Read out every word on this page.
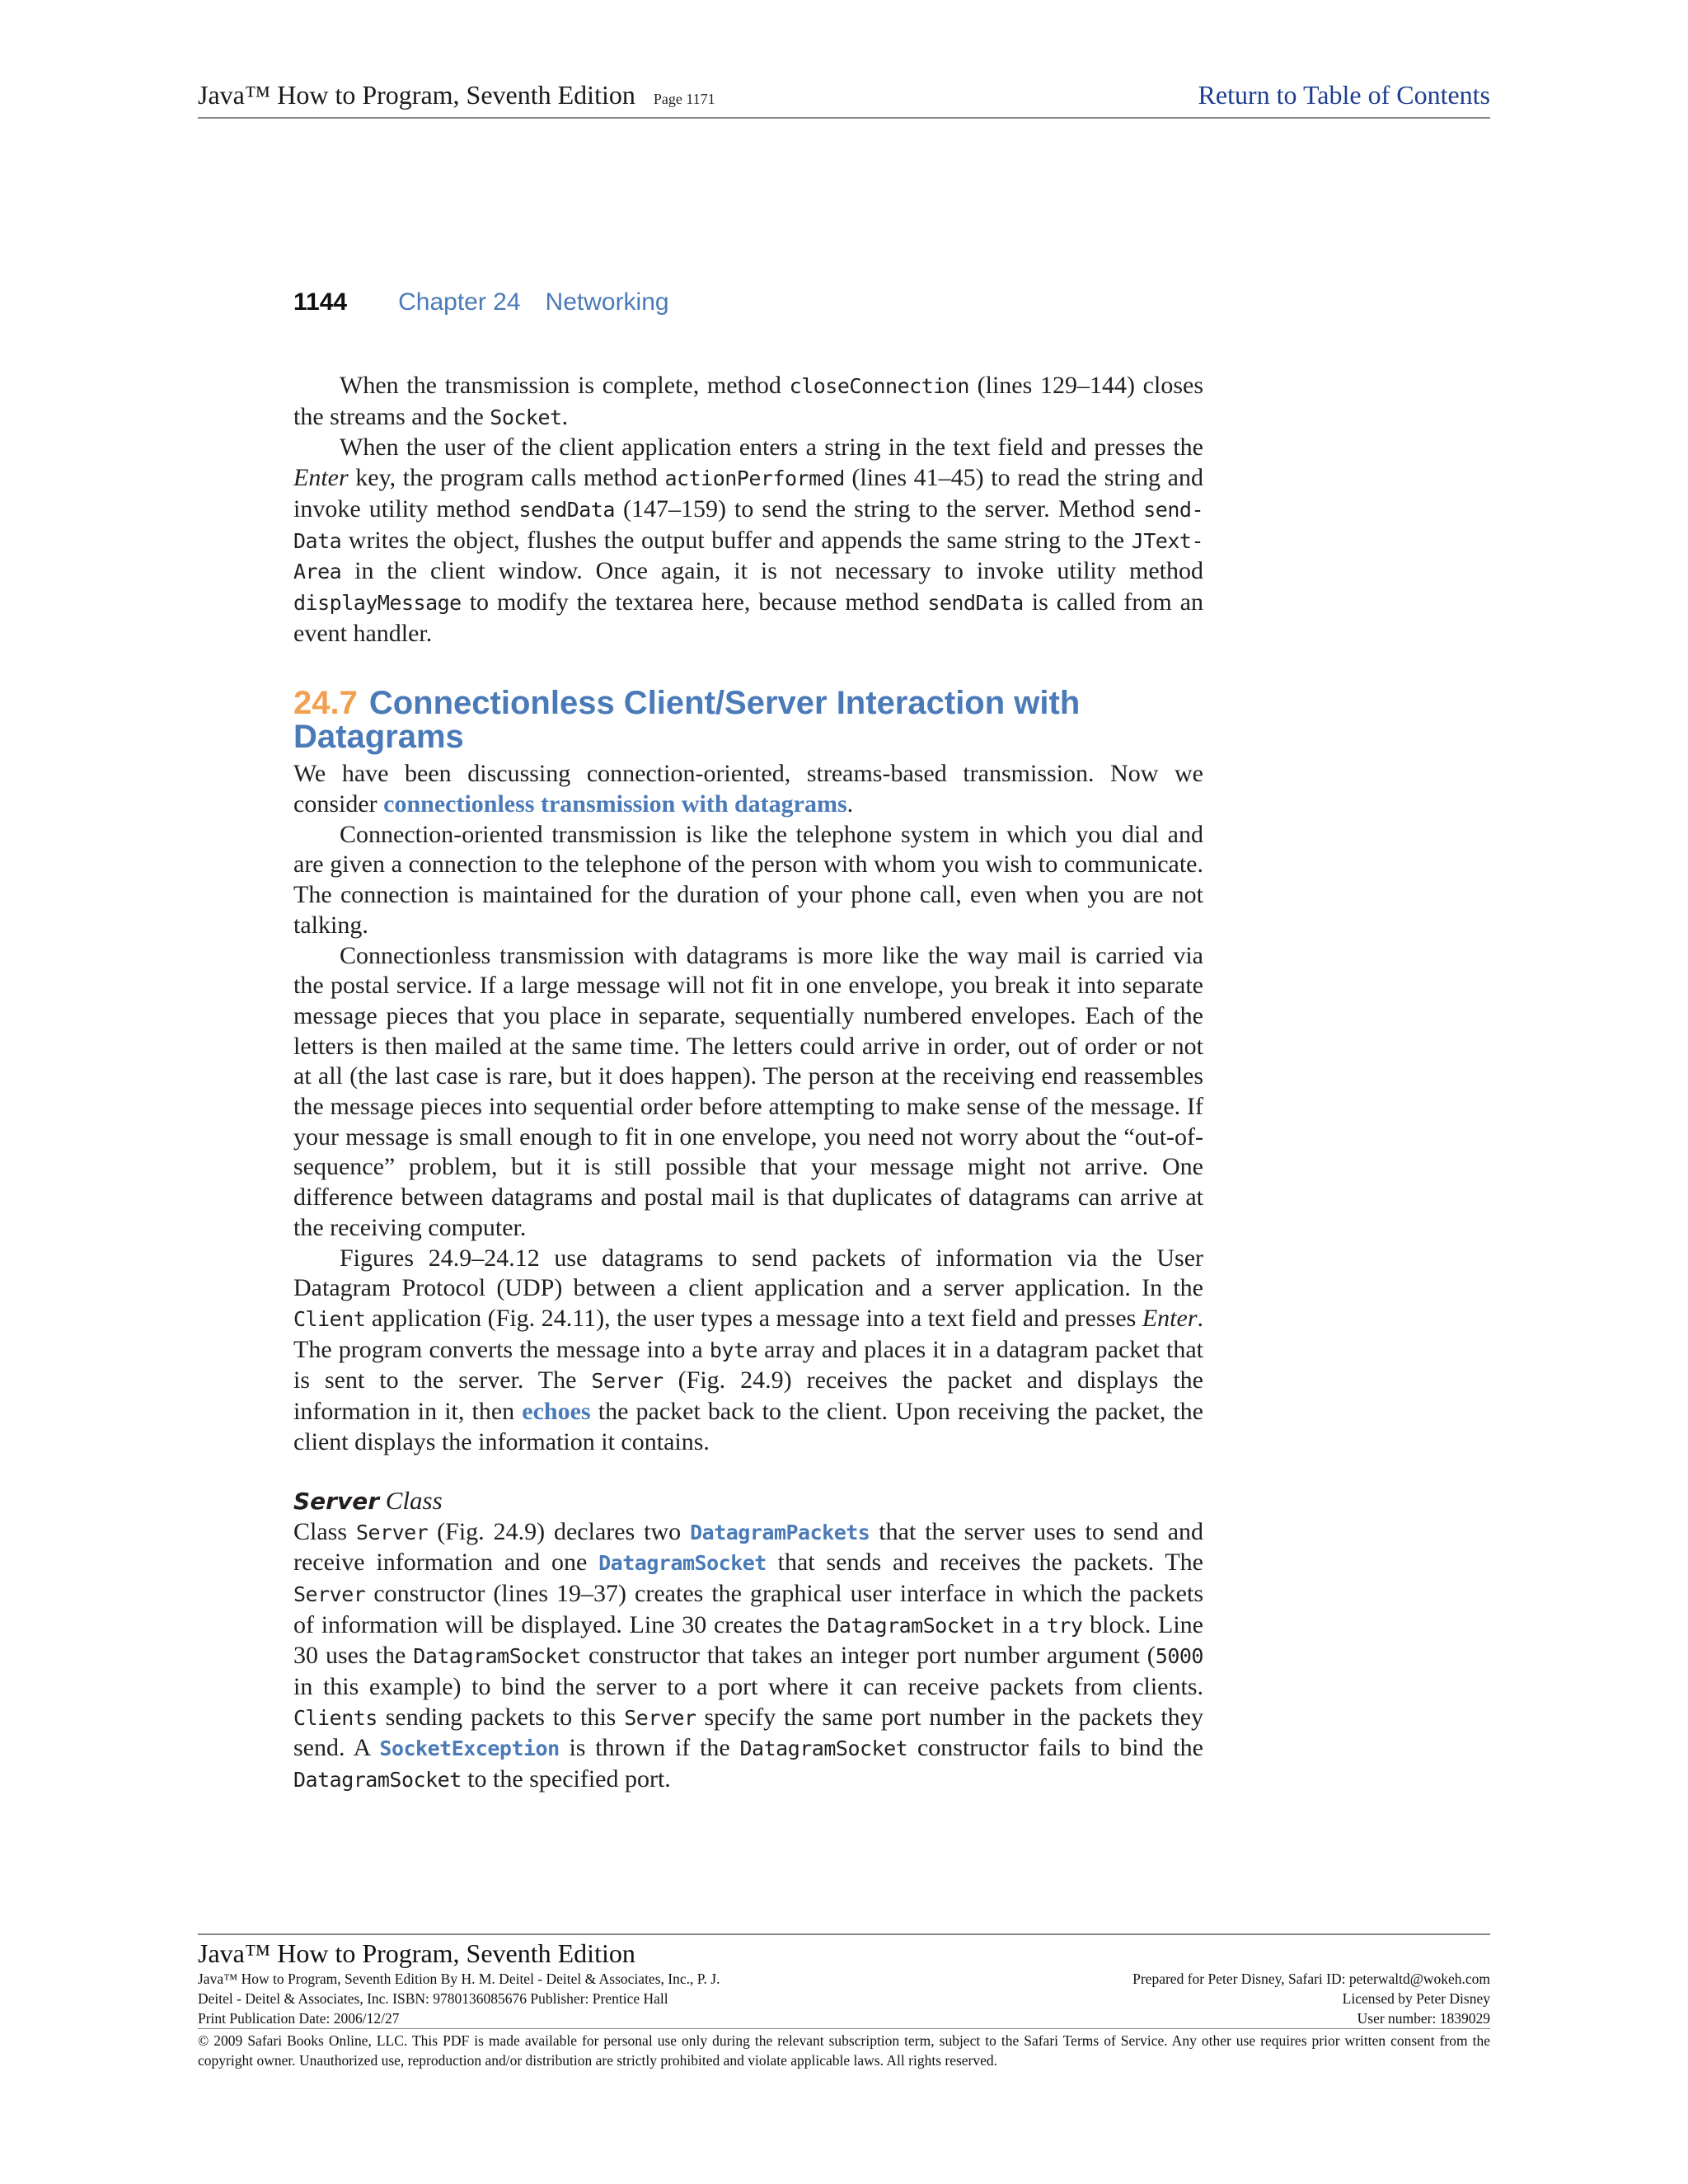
Java™ How to Program, Seventh Edition Page 1171	Return to Table of Contents
1144 Chapter 24 Networking

When the transmission is complete, method closeConnection (lines 129–144) closes the streams and the Socket.

When the user of the client application enters a string in the text field and presses the Enter key, the program calls method actionPerformed (lines 41–45) to read the string and invoke utility method sendData (147–159) to send the string to the server. Method send-Data writes the object, flushes the output buffer and appends the same string to the JText-Area in the client window. Once again, it is not necessary to invoke utility method displayMessage to modify the textarea here, because method sendData is called from an event handler.

24.7 Connectionless Client/Server Interaction with Datagrams

We have been discussing connection-oriented, streams-based transmission. Now we consider connectionless transmission with datagrams.

Connection-oriented transmission is like the telephone system in which you dial and are given a connection to the telephone of the person with whom you wish to communicate. The connection is maintained for the duration of your phone call, even when you are not talking.

Connectionless transmission with datagrams is more like the way mail is carried via the postal service. If a large message will not fit in one envelope, you break it into separate message pieces that you place in separate, sequentially numbered envelopes. Each of the letters is then mailed at the same time. The letters could arrive in order, out of order or not at all (the last case is rare, but it does happen). The person at the receiving end reassembles the message pieces into sequential order before attempting to make sense of the message. If your message is small enough to fit in one envelope, you need not worry about the “out-of-sequence” problem, but it is still possible that your message might not arrive. One difference between datagrams and postal mail is that duplicates of datagrams can arrive at the receiving computer.

Figures 24.9–24.12 use datagrams to send packets of information via the User Datagram Protocol (UDP) between a client application and a server application. In the Client application (Fig. 24.11), the user types a message into a text field and presses Enter. The program converts the message into a byte array and places it in a datagram packet that is sent to the server. The Server (Fig. 24.9) receives the packet and displays the information in it, then echoes the packet back to the client. Upon receiving the packet, the client displays the information it contains.

Server Class

Class Server (Fig. 24.9) declares two DatagramPackets that the server uses to send and receive information and one DatagramSocket that sends and receives the packets. The Server constructor (lines 19–37) creates the graphical user interface in which the packets of information will be displayed. Line 30 creates the DatagramSocket in a try block. Line 30 uses the DatagramSocket constructor that takes an integer port number argument (5000 in this example) to bind the server to a port where it can receive packets from clients. Clients sending packets to this Server specify the same port number in the packets they send. A SocketException is thrown if the DatagramSocket constructor fails to bind the DatagramSocket to the specified port.

Java™ How to Program, Seventh Edition
Java™ How to Program, Seventh Edition By H. M. Deitel - Deitel & Associates, Inc., P. J.	Prepared for Peter Disney, Safari ID: peterwaltd@wokeh.com
Deitel - Deitel & Associates, Inc. ISBN: 9780136085676 Publisher: Prentice Hall	Licensed by Peter Disney
Print Publication Date: 2006/12/27	User number: 1839029
© 2009 Safari Books Online, LLC. This PDF is made available for personal use only during the relevant subscription term, subject to the Safari Terms of Service. Any other use requires prior written consent from the copyright owner. Unauthorized use, reproduction and/or distribution are strictly prohibited and violate applicable laws. All rights reserved.
